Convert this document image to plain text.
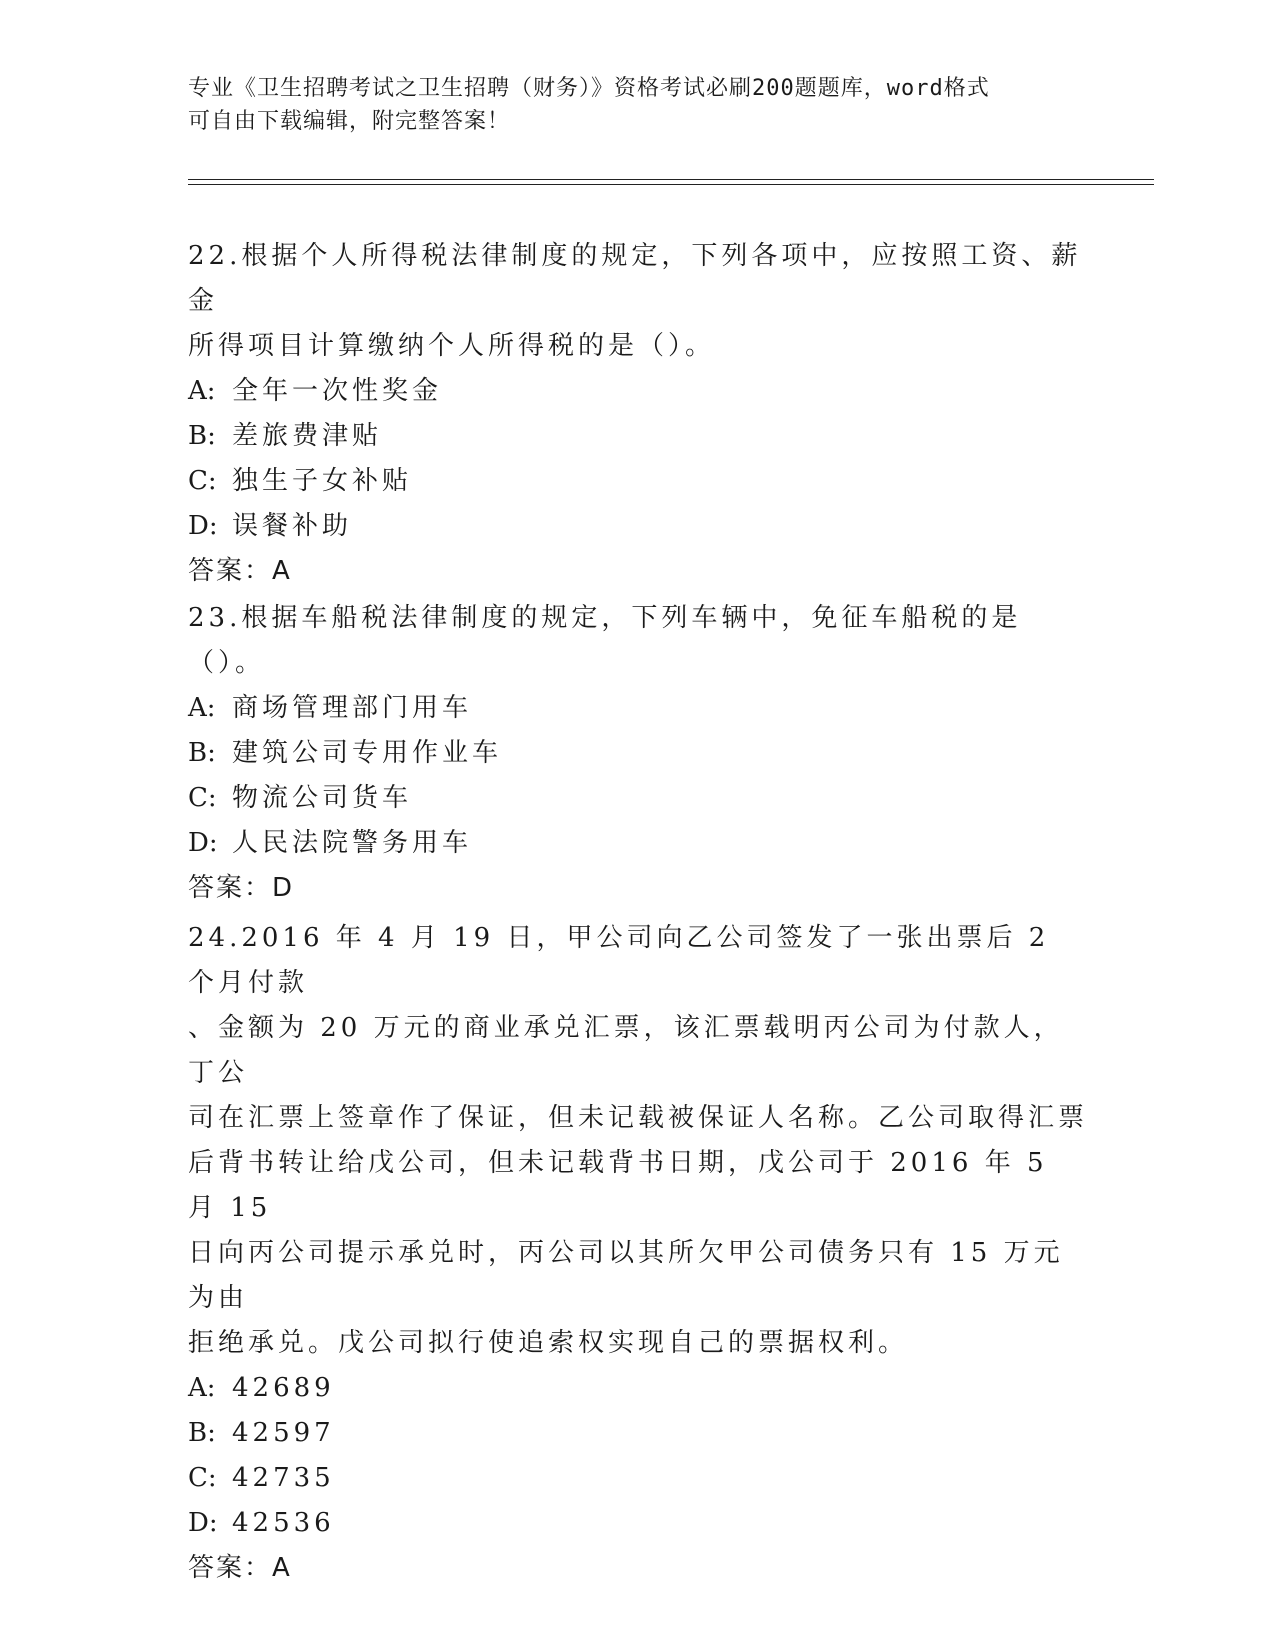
专业《卫生招聘考试之卫生招聘（财务）》资格考试必刷200题题库，word格式
可自由下载编辑，附完整答案！

22.根据个人所得税法律制度的规定，下列各项中，应按照工资、薪金

所得项目计算缴纳个人所得税的是（）。

A: 全年一次性奖金

B: 差旅费津贴

C: 独生子女补贴

D: 误餐补助

答案：A

23.根据车船税法律制度的规定，下列车辆中，免征车船税的是（）。

A: 商场管理部门用车

B: 建筑公司专用作业车

C: 物流公司货车

D: 人民法院警务用车

答案：D

24.2016 年 4 月 19 日，甲公司向乙公司签发了一张出票后 2 个月付款

、金额为 20 万元的商业承兑汇票，该汇票载明丙公司为付款人，丁公

司在汇票上签章作了保证，但未记载被保证人名称。乙公司取得汇票

后背书转让给戊公司，但未记载背书日期，戊公司于 2016 年 5 月 15

日向丙公司提示承兑时，丙公司以其所欠甲公司债务只有 15 万元为由

拒绝承兑。戊公司拟行使追索权实现自己的票据权利。

A: 42689

B: 42597

C: 42735

D: 42536

答案：A
